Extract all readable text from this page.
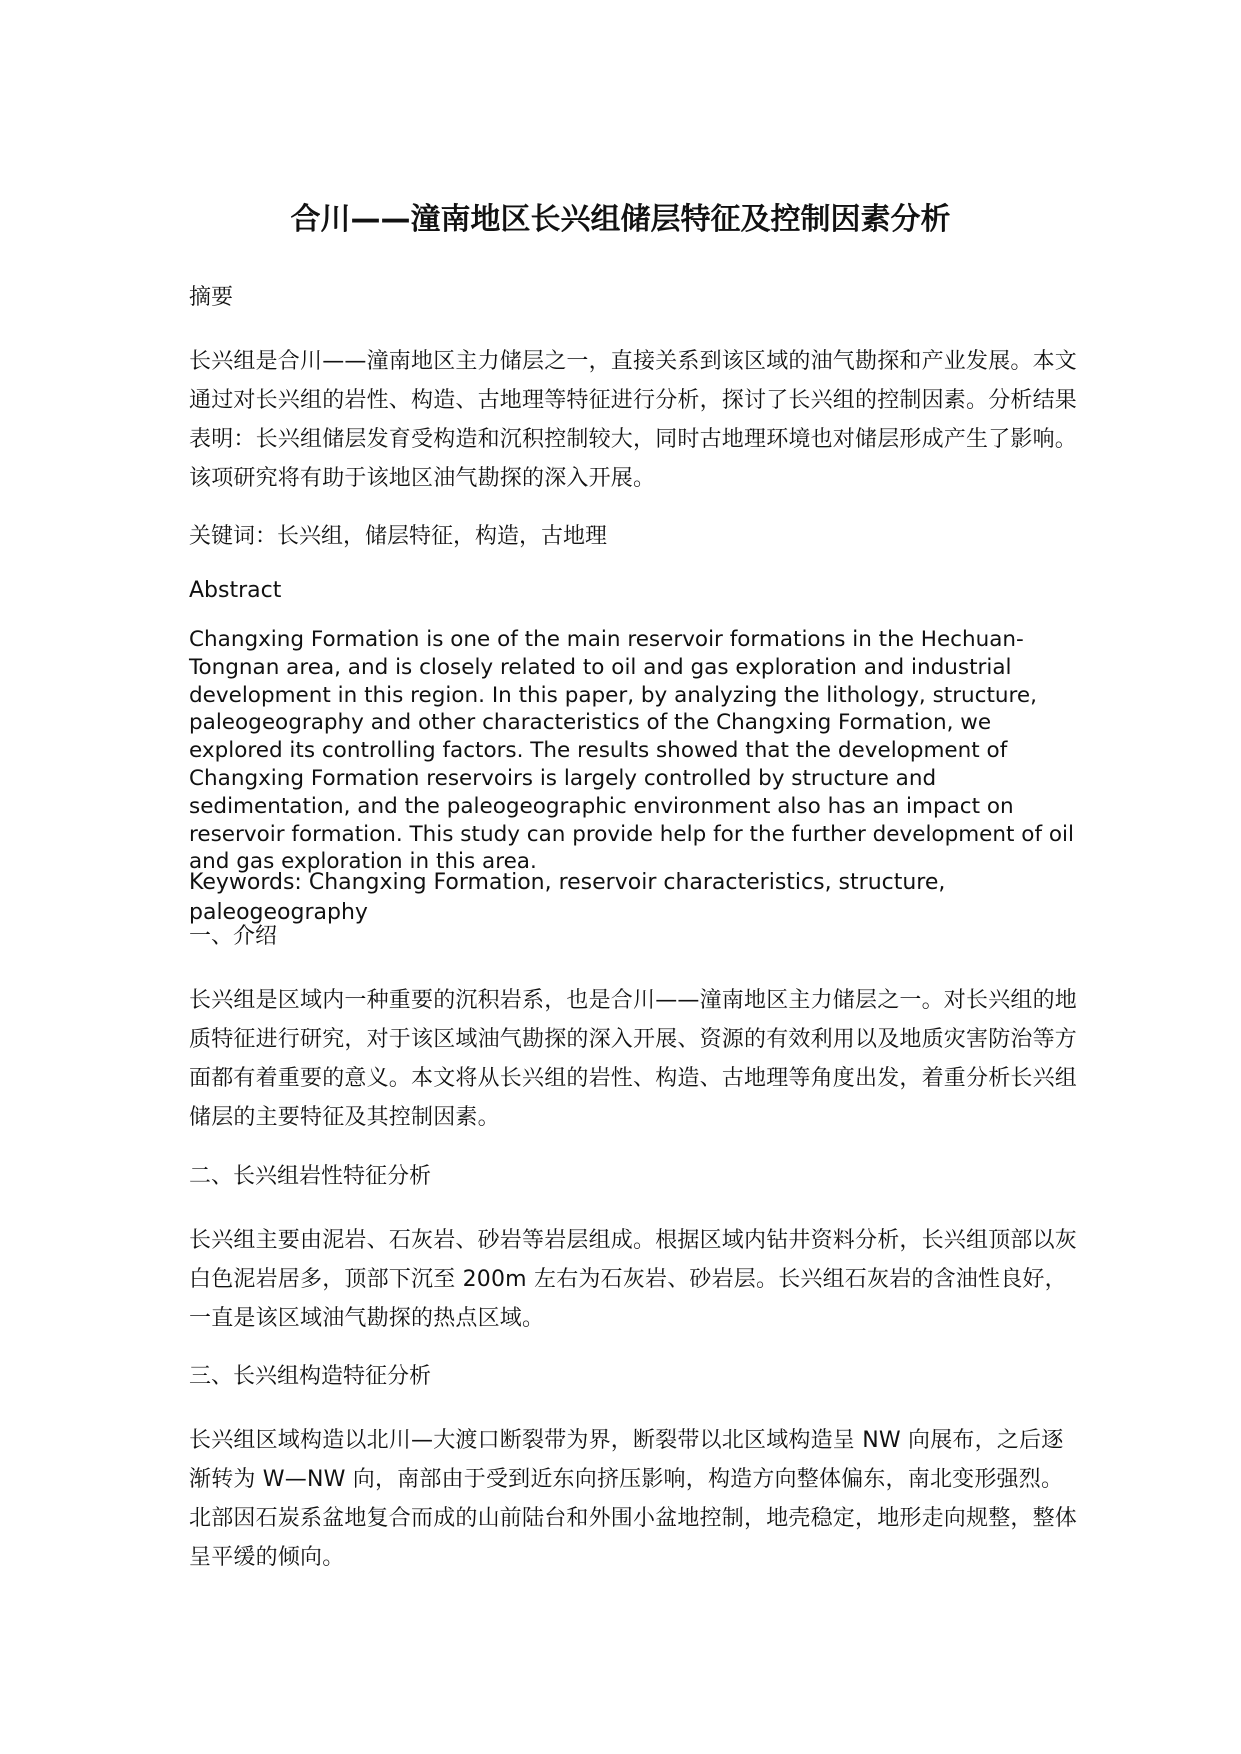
合川——潼南地区长兴组储层特征及控制因素分析

摘要

长兴组是合川——潼南地区主力储层之一，直接关系到该区域的油气勘探和产业发展。本文通过对长兴组的岩性、构造、古地理等特征进行分析，探讨了长兴组的控制因素。分析结果表明：长兴组储层发育受构造和沉积控制较大，同时古地理环境也对储层形成产生了影响。该项研究将有助于该地区油气勘探的深入开展。

关键词：长兴组，储层特征，构造，古地理

Abstract

Changxing Formation is one of the main reservoir formations in the Hechuan-Tongnan area, and is closely related to oil and gas exploration and industrial development in this region. In this paper, by analyzing the lithology, structure, paleogeography and other characteristics of the Changxing Formation, we explored its controlling factors. The results showed that the development of Changxing Formation reservoirs is largely controlled by structure and sedimentation, and the paleogeographic environment also has an impact on reservoir formation. This study can provide help for the further development of oil and gas exploration in this area.

Keywords: Changxing Formation, reservoir characteristics, structure, paleogeography

一、介绍

长兴组是区域内一种重要的沉积岩系，也是合川——潼南地区主力储层之一。对长兴组的地质特征进行研究，对于该区域油气勘探的深入开展、资源的有效利用以及地质灾害防治等方面都有着重要的意义。本文将从长兴组的岩性、构造、古地理等角度出发，着重分析长兴组储层的主要特征及其控制因素。

二、长兴组岩性特征分析

长兴组主要由泥岩、石灰岩、砂岩等岩层组成。根据区域内钻井资料分析，长兴组顶部以灰白色泥岩居多，顶部下沉至 200m 左右为石灰岩、砂岩层。长兴组石灰岩的含油性良好，一直是该区域油气勘探的热点区域。

三、长兴组构造特征分析

长兴组区域构造以北川—大渡口断裂带为界，断裂带以北区域构造呈 NW 向展布，之后逐渐转为 W—NW 向，南部由于受到近东向挤压影响，构造方向整体偏东，南北变形强烈。北部因石炭系盆地复合而成的山前陆台和外围小盆地控制，地壳稳定，地形走向规整，整体呈平缓的倾向。
